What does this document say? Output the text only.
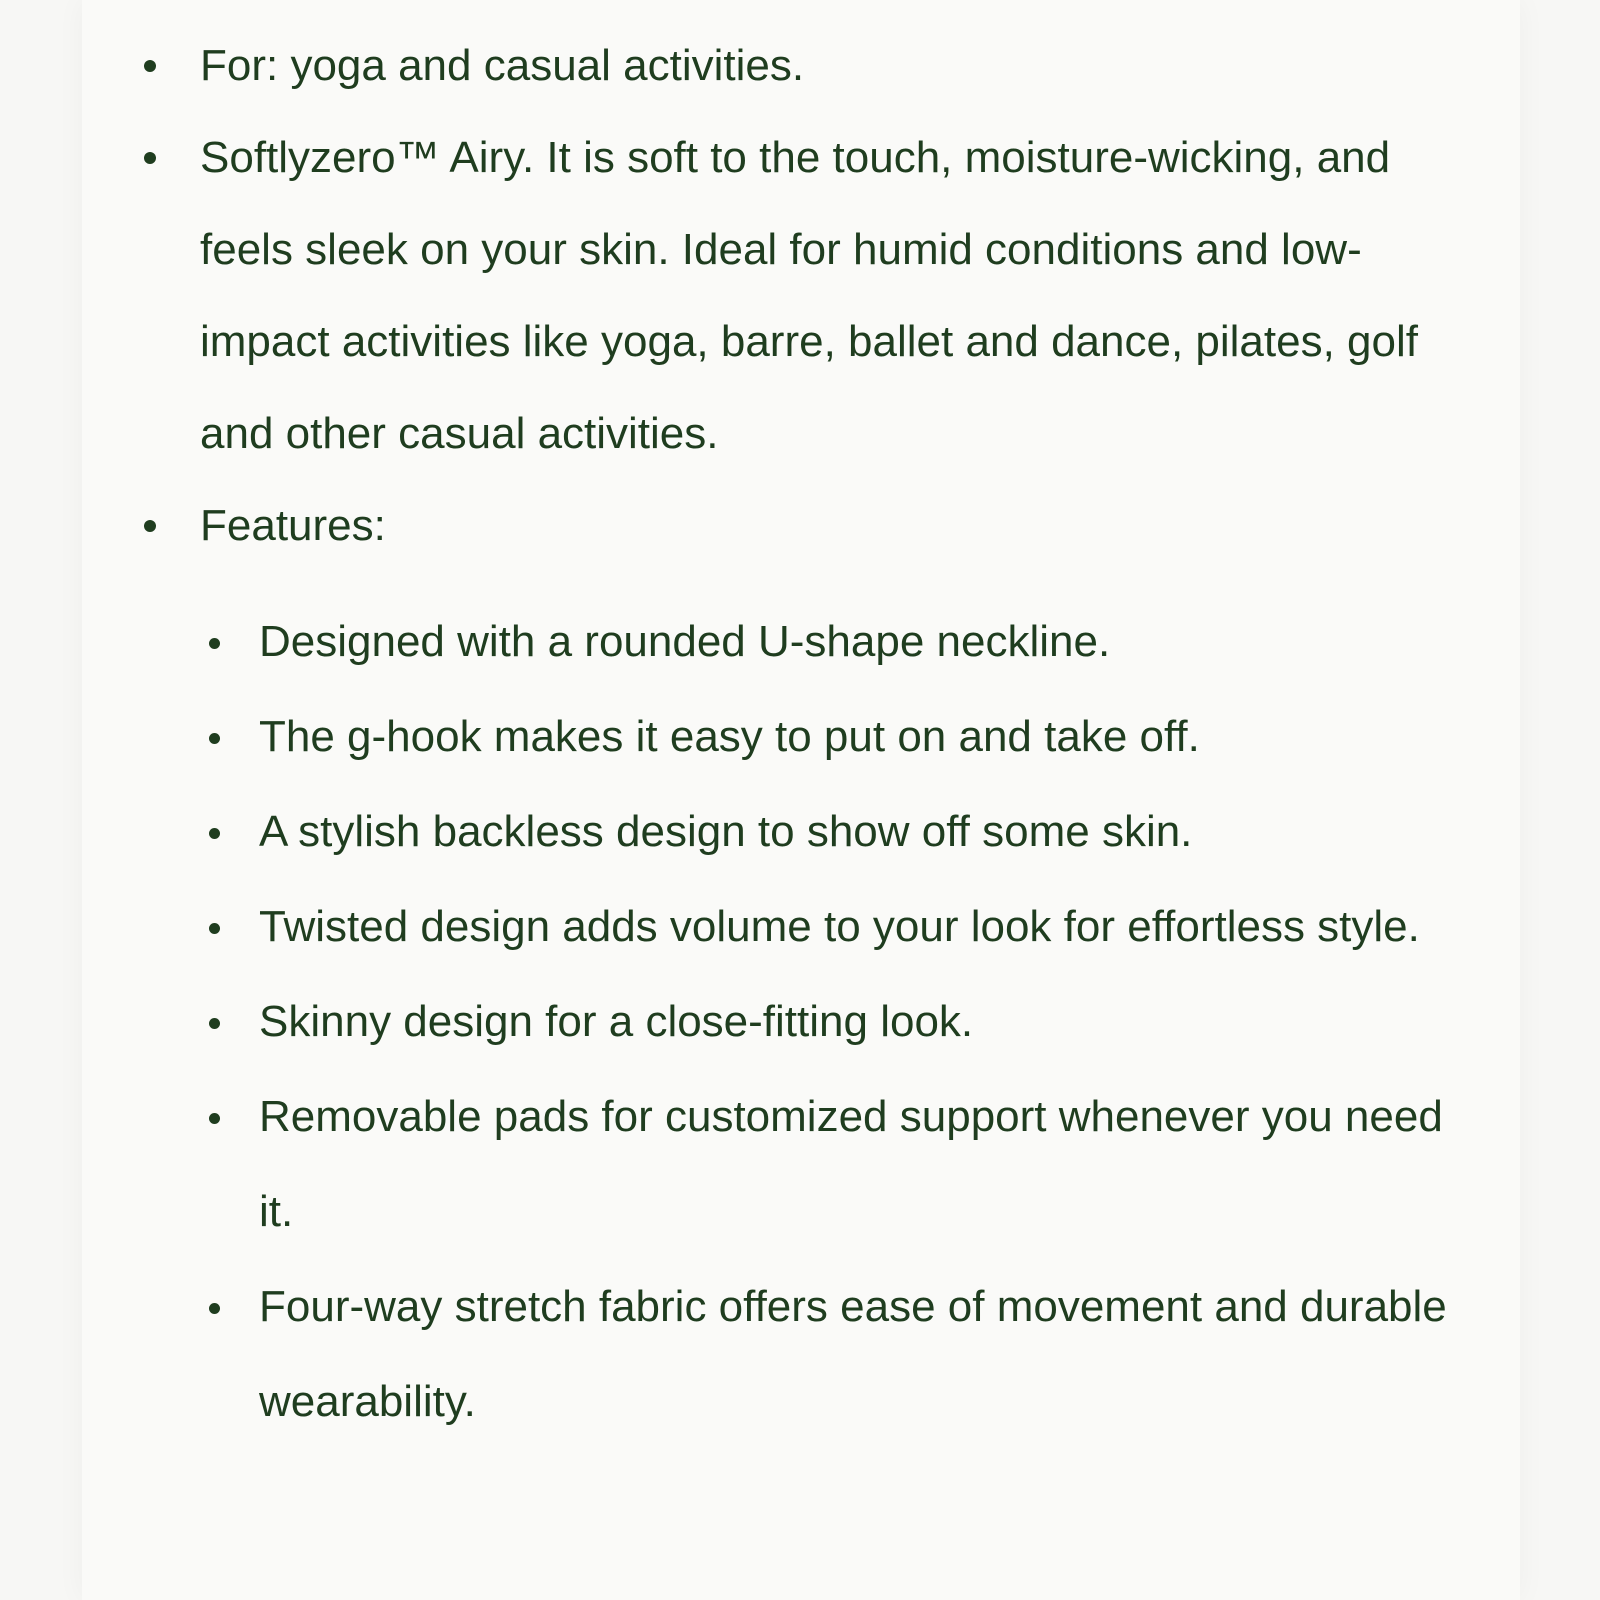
For: yoga and casual activities.
Softlyzero™ Airy. It is soft to the touch, moisture-wicking, and feels sleek on your skin. Ideal for humid conditions and low-impact activities like yoga, barre, ballet and dance, pilates, golf and other casual activities.
Features:
Designed with a rounded U-shape neckline.
The g-hook makes it easy to put on and take off.
A stylish backless design to show off some skin.
Twisted design adds volume to your look for effortless style.
Skinny design for a close-fitting look.
Removable pads for customized support whenever you need it.
Four-way stretch fabric offers ease of movement and durable wearability.
